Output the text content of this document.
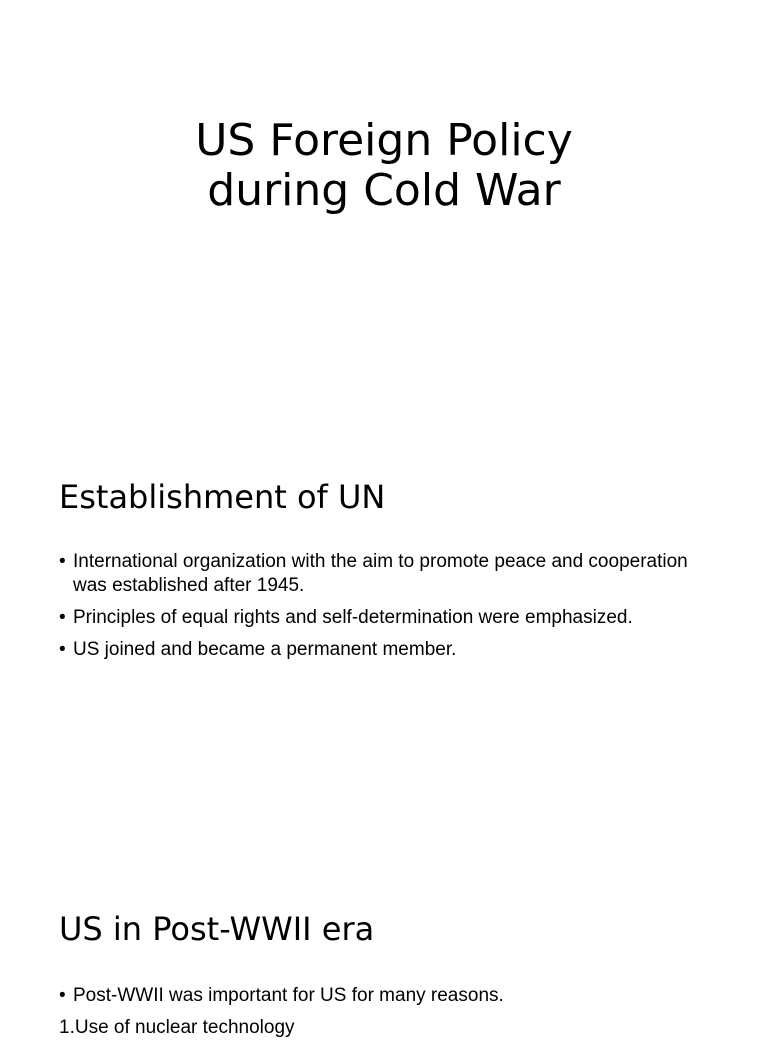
US Foreign Policy
during Cold War
Establishment of UN
• International organization with the aim to promote peace and cooperation was established after 1945.
• Principles of equal rights and self-determination were emphasized.
• US joined and became a permanent member.
US in Post-WWII era
• Post-WWII was important for US for many reasons.
1.Use of nuclear technology
